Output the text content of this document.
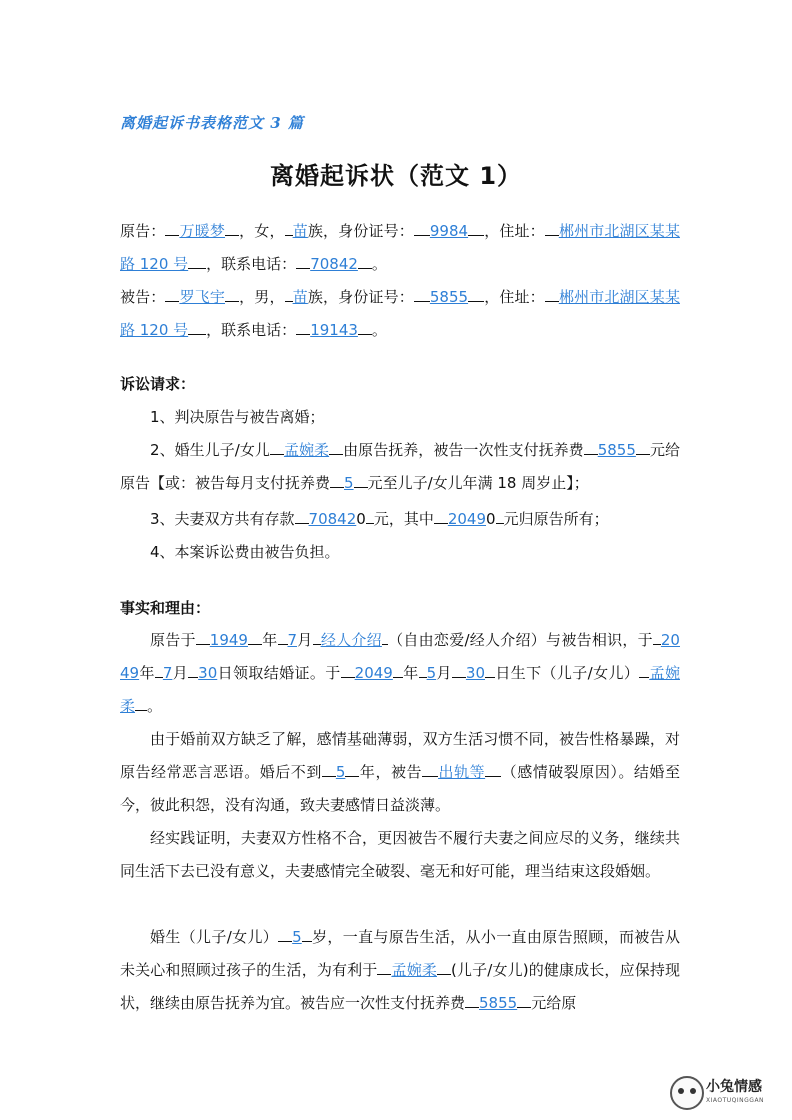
离婚起诉书表格范文 3 篇
离婚起诉状（范文 1）
原告： 万暖梦 ，女， 苗族，身份证号： 9984 ，住址： 郴州市北湖区某某路 120 号 ，联系电话： 70842 。
被告： 罗飞宇 ，男， 苗族，身份证号： 5855 ，住址： 郴州市北湖区某某路 120 号 ，联系电话： 19143 。
诉讼请求：
1、判决原告与被告离婚；
2、婚生儿子/女儿 孟婉柔 由原告抚养，被告一次性支付抚养费 5855 元给原告【或：被告每月支付抚养费 5 元至儿子/女儿年满 18 周岁止】；
3、夫妻双方共有存款 708420 元，其中 20490 元归原告所有；
4、本案诉讼费由被告负担。
事实和理由：
原告于 1949 年 7月 经人介绍 （自由恋爱/经人介绍）与被告相识，于 2049年 7月 30日领取结婚证。于 2049 年 5月 30 日生下（儿子/女儿） 孟婉柔 。
由于婚前双方缺乏了解，感情基础薄弱，双方生活习惯不同，被告性格暴躁，对原告经常恶言恶语。婚后不到 5 年，被告 出轨等 （感情破裂原因）。结婚至今，彼此积怨，没有沟通，致夫妻感情日益淡薄。
经实践证明，夫妻双方性格不合，更因被告不履行夫妻之间应尽的义务，继续共同生活下去已没有意义，夫妻感情完全破裂、毫无和好可能，理当结束这段婚姻。
婚生（儿子/女儿） 5 岁，一直与原告生活，从小一直由原告照顾，而被告从未关心和照顾过孩子的生活，为有利于 孟婉柔 (儿子/女儿)的健康成长，应保持现状，继续由原告抚养为宜。被告应一次性支付抚养费 5855 元给原
小兔情感
XIAOTUQINGGAN
